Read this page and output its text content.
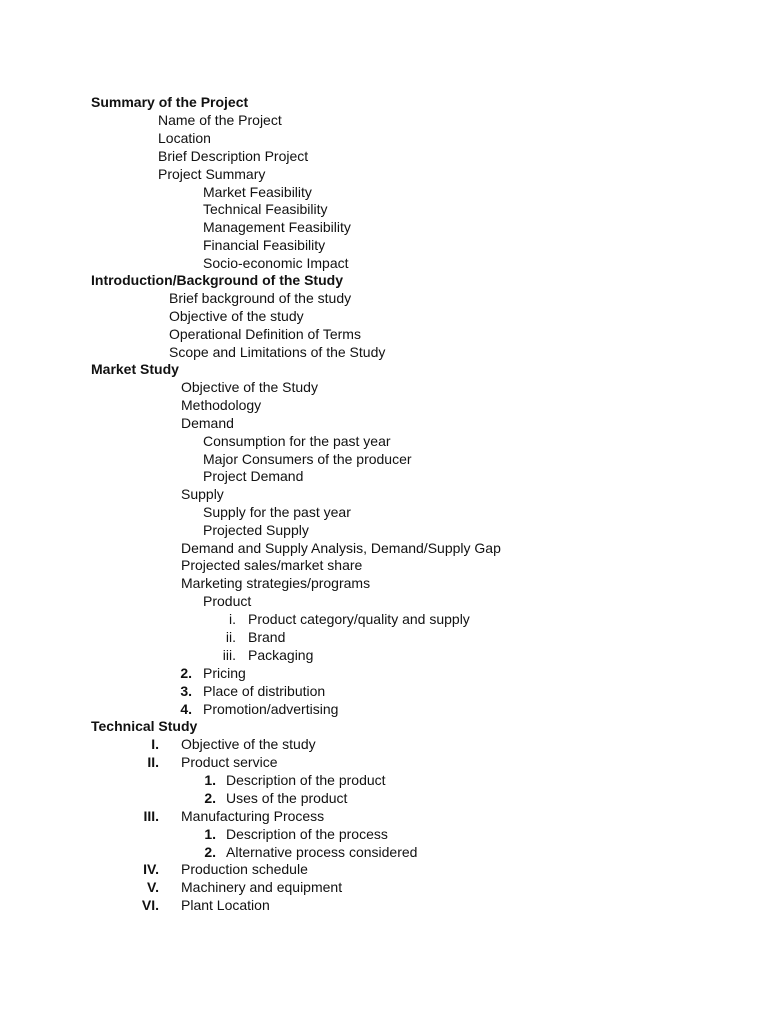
Summary of the Project
Name of the Project
Location
Brief Description Project
Project Summary
Market Feasibility
Technical Feasibility
Management Feasibility
Financial Feasibility
Socio-economic Impact
Introduction/Background of the Study
Brief background of the study
Objective of the study
Operational Definition of Terms
Scope and Limitations of the Study
Market Study
Objective of the Study
Methodology
Demand
Consumption for the past year
Major Consumers of the producer
Project Demand
Supply
Supply for the past year
Projected Supply
Demand and Supply Analysis, Demand/Supply Gap
Projected sales/market share
Marketing strategies/programs
Product
i. Product category/quality and supply
ii. Brand
iii. Packaging
2. Pricing
3. Place of distribution
4. Promotion/advertising
Technical Study
I. Objective of the study
II. Product service
1. Description of the product
2. Uses of the product
III. Manufacturing Process
1. Description of the process
2. Alternative process considered
IV. Production schedule
V. Machinery and equipment
VI. Plant Location
